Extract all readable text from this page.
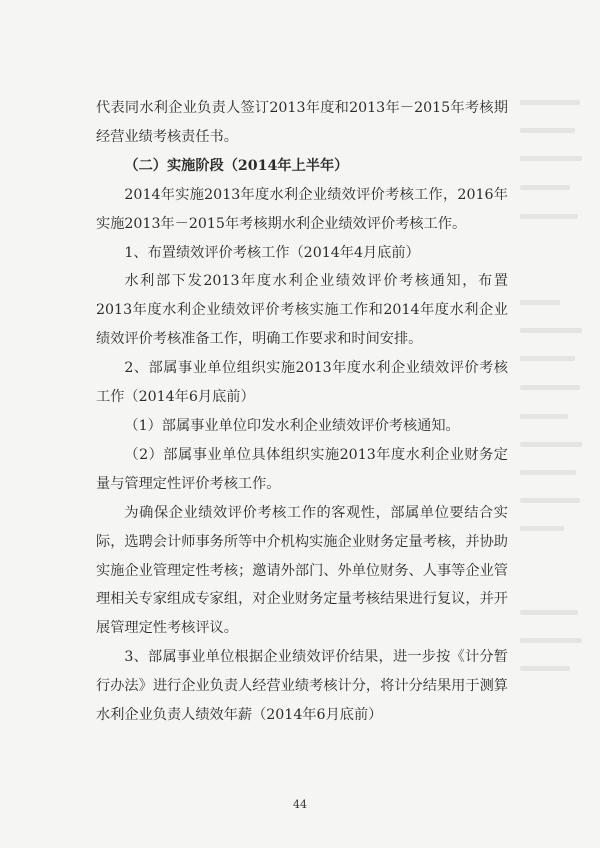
代表同水利企业负责人签订2013年度和2013年－2015年考核期经营业绩考核责任书。

（二）实施阶段（2014年上半年）

2014年实施2013年度水利企业绩效评价考核工作，2016年实施2013年－2015年考核期水利企业绩效评价考核工作。

1、布置绩效评价考核工作（2014年4月底前）

水利部下发2013年度水利企业绩效评价考核通知，布置2013年度水利企业绩效评价考核实施工作和2014年度水利企业绩效评价考核准备工作，明确工作要求和时间安排。

2、部属事业单位组织实施2013年度水利企业绩效评价考核工作（2014年6月底前）

（1）部属事业单位印发水利企业绩效评价考核通知。

（2）部属事业单位具体组织实施2013年度水利企业财务定量与管理定性评价考核工作。

为确保企业绩效评价考核工作的客观性，部属单位要结合实际，选聘会计师事务所等中介机构实施企业财务定量考核，并协助实施企业管理定性考核；邀请外部门、外单位财务、人事等企业管理相关专家组成专家组，对企业财务定量考核结果进行复议，并开展管理定性考核评议。

3、部属事业单位根据企业绩效评价结果，进一步按《计分暂行办法》进行企业负责人经营业绩考核计分，将计分结果用于测算水利企业负责人绩效年薪（2014年6月底前）

44
